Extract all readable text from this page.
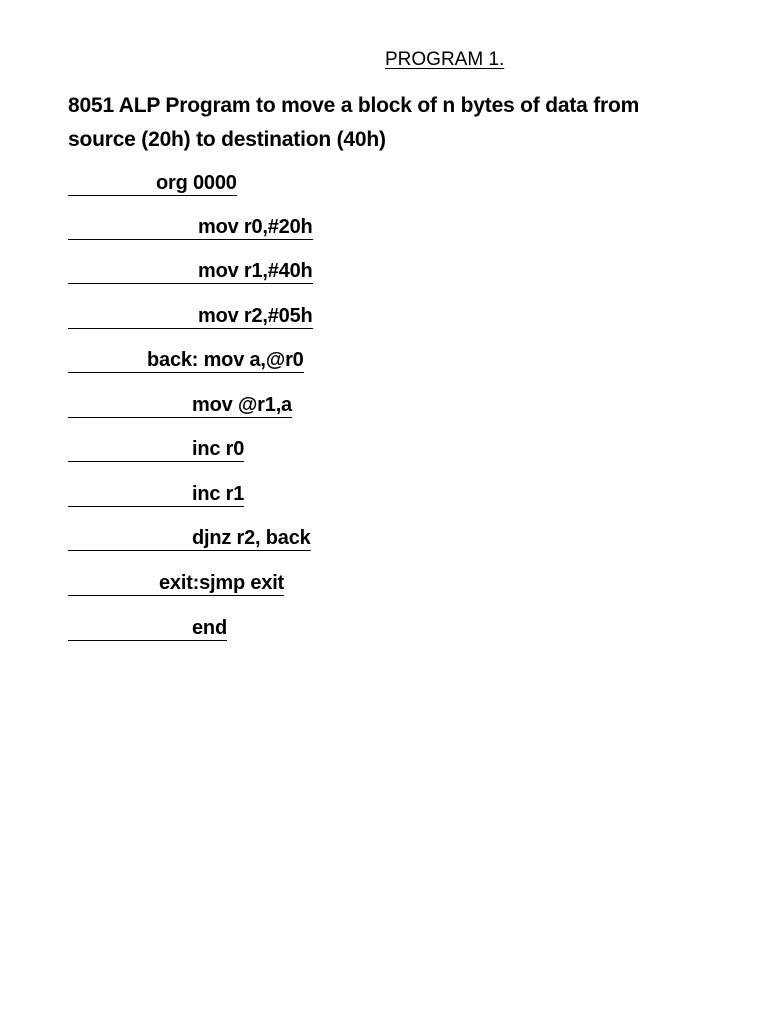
PROGRAM 1.
8051 ALP Program to move a block of n bytes of data from
source (20h) to destination (40h)
org 0000
mov r0,#20h
mov r1,#40h
mov r2,#05h
back: mov a,@r0
mov @r1,a
inc r0
inc r1
djnz r2, back
exit:sjmp exit
end
